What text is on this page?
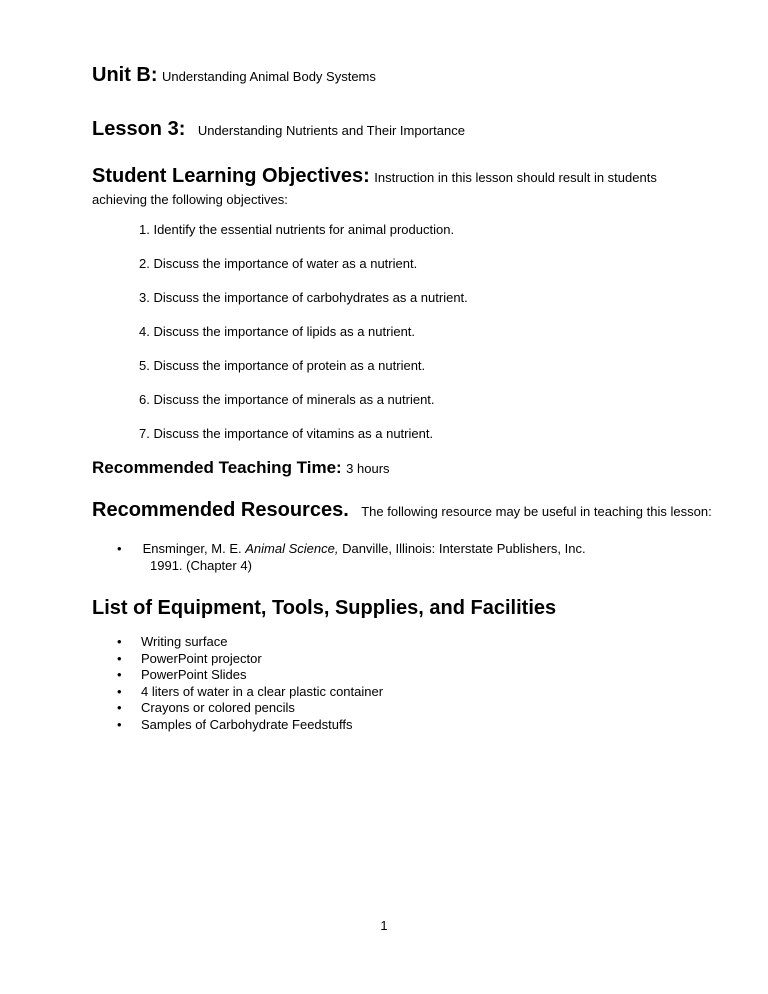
Unit B: Understanding Animal Body Systems
Lesson 3: Understanding Nutrients and Their Importance
Student Learning Objectives: Instruction in this lesson should result in students
achieving the following objectives:
1. Identify the essential nutrients for animal production.
2. Discuss the importance of water as a nutrient.
3. Discuss the importance of carbohydrates as a nutrient.
4. Discuss the importance of lipids as a nutrient.
5. Discuss the importance of protein as a nutrient.
6. Discuss the importance of minerals as a nutrient.
7. Discuss the importance of vitamins as a nutrient.
Recommended Teaching Time: 3 hours
Recommended Resources. The following resource may be useful in teaching this lesson:
• Ensminger, M. E. Animal Science, Danville, Illinois: Interstate Publishers, Inc.
1991. (Chapter 4)
List of Equipment, Tools, Supplies, and Facilities
• Writing surface
• PowerPoint projector
• PowerPoint Slides
• 4 liters of water in a clear plastic container
• Crayons or colored pencils
• Samples of Carbohydrate Feedstuffs
1
